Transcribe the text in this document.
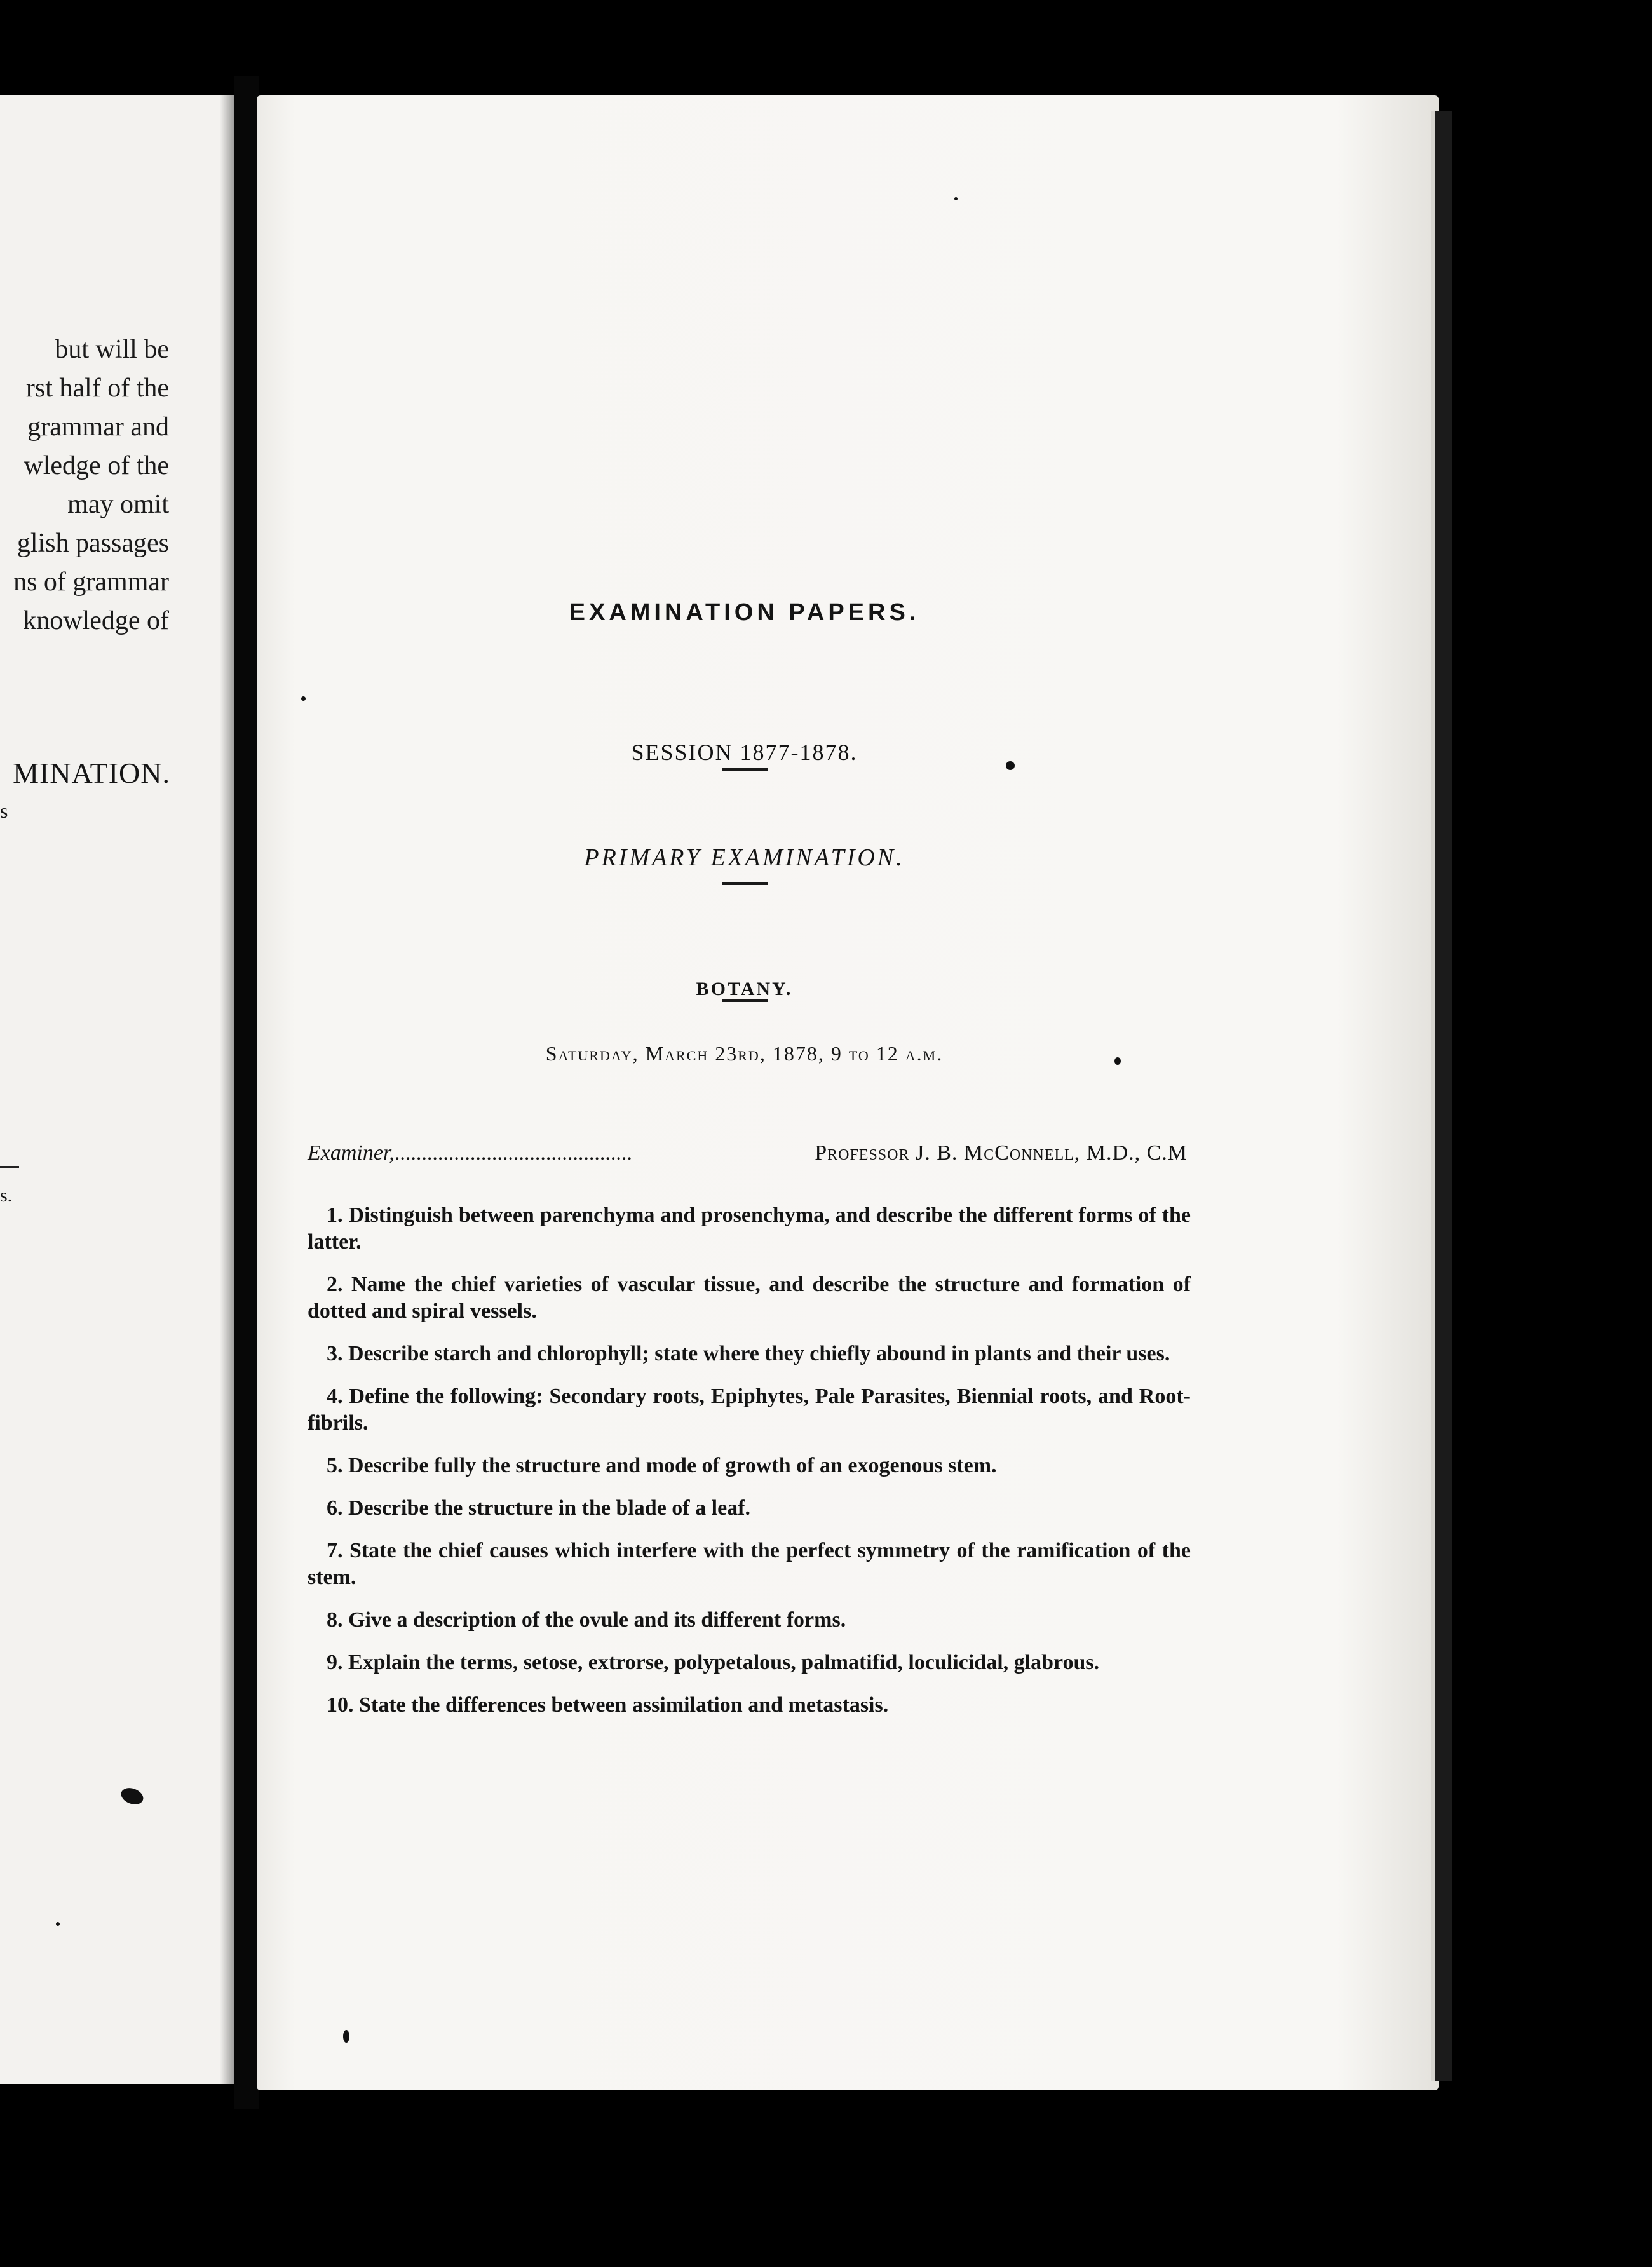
but will be
rst half of the
grammar and
wledge of the
may omit
glish passages
ns of grammar
knowledge of
MINATION.
s
s.
EXAMINATION PAPERS.
SESSION 1877-1878.
PRIMARY EXAMINATION.
BOTANY.
Saturday, March 23rd, 1878, 9 to 12 a.m.
Examiner,............................................	Professor J. B. McConnell, M.D., C.M
1. Distinguish between parenchyma and prosenchyma, and describe the different forms of the latter.
2. Name the chief varieties of vascular tissue, and describe the structure and formation of dotted and spiral vessels.
3. Describe starch and chlorophyll; state where they chiefly abound in plants and their uses.
4. Define the following: Secondary roots, Epiphytes, Pale Parasites, Biennial roots, and Root-fibrils.
5. Describe fully the structure and mode of growth of an exogenous stem.
6. Describe the structure in the blade of a leaf.
7. State the chief causes which interfere with the perfect symmetry of the ramification of the stem.
8. Give a description of the ovule and its different forms.
9. Explain the terms, setose, extrorse, polypetalous, palmatifid, loculicidal, glabrous.
10. State the differences between assimilation and metastasis.
